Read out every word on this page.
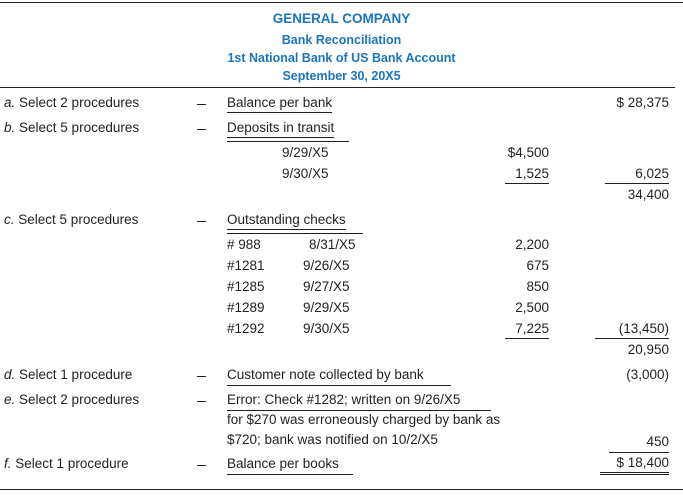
GENERAL COMPANY
Bank Reconciliation
1st National Bank of US Bank Account
September 30, 20X5
a. Select 2 procedures	Balance per bank	$ 28,375
b. Select 5 procedures	Deposits in transit
9/29/X5	$4,500
9/30/X5	1,525	6,025
34,400
c. Select 5 procedures	Outstanding checks
# 988	8/31/X5	2,200
#1281	9/26/X5	675
#1285	9/27/X5	850
#1289	9/29/X5	2,500
#1292	9/30/X5	7,225	(13,450)
20,950
d. Select 1 procedure	Customer note collected by bank	(3,000)
e. Select 2 procedures	Error: Check #1282; written on 9/26/X5
for $270 was erroneously charged by bank as
$720; bank was notified on 10/2/X5	450
f. Select 1 procedure	Balance per books	$ 18,400
